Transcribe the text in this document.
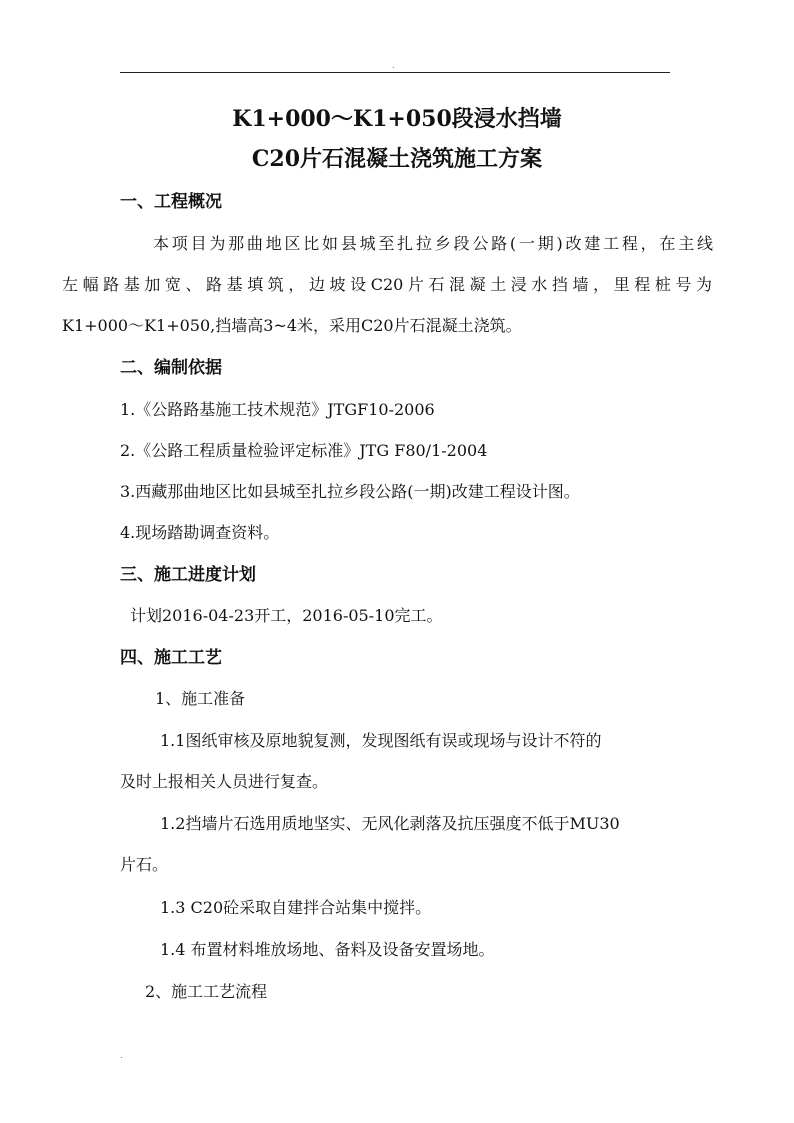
.
K1+000～K1+050段浸水挡墙
C20片石混凝土浇筑施工方案
一、工程概况
本项目为那曲地区比如县城至扎拉乡段公路(一期)改建工程，在主线
左幅路基加宽、路基填筑，边坡设C20片石混凝土浸水挡墙，里程桩号为
K1+000～K1+050,挡墙高3~4米，采用C20片石混凝土浇筑。
二、编制依据
1.《公路路基施工技术规范》JTGF10-2006
2.《公路工程质量检验评定标准》JTG F80/1-2004
3.西藏那曲地区比如县城至扎拉乡段公路(一期)改建工程设计图。
4.现场踏勘调查资料。
三、施工进度计划
计划2016-04-23开工，2016-05-10完工。
四、施工工艺
1、施工准备
1.1图纸审核及原地貌复测，发现图纸有误或现场与设计不符的
及时上报相关人员进行复查。
1.2挡墙片石选用质地坚实、无风化剥落及抗压强度不低于MU30
片石。
1.3 C20砼采取自建拌合站集中搅拌。
1.4 布置材料堆放场地、备料及设备安置场地。
2、施工工艺流程
.
